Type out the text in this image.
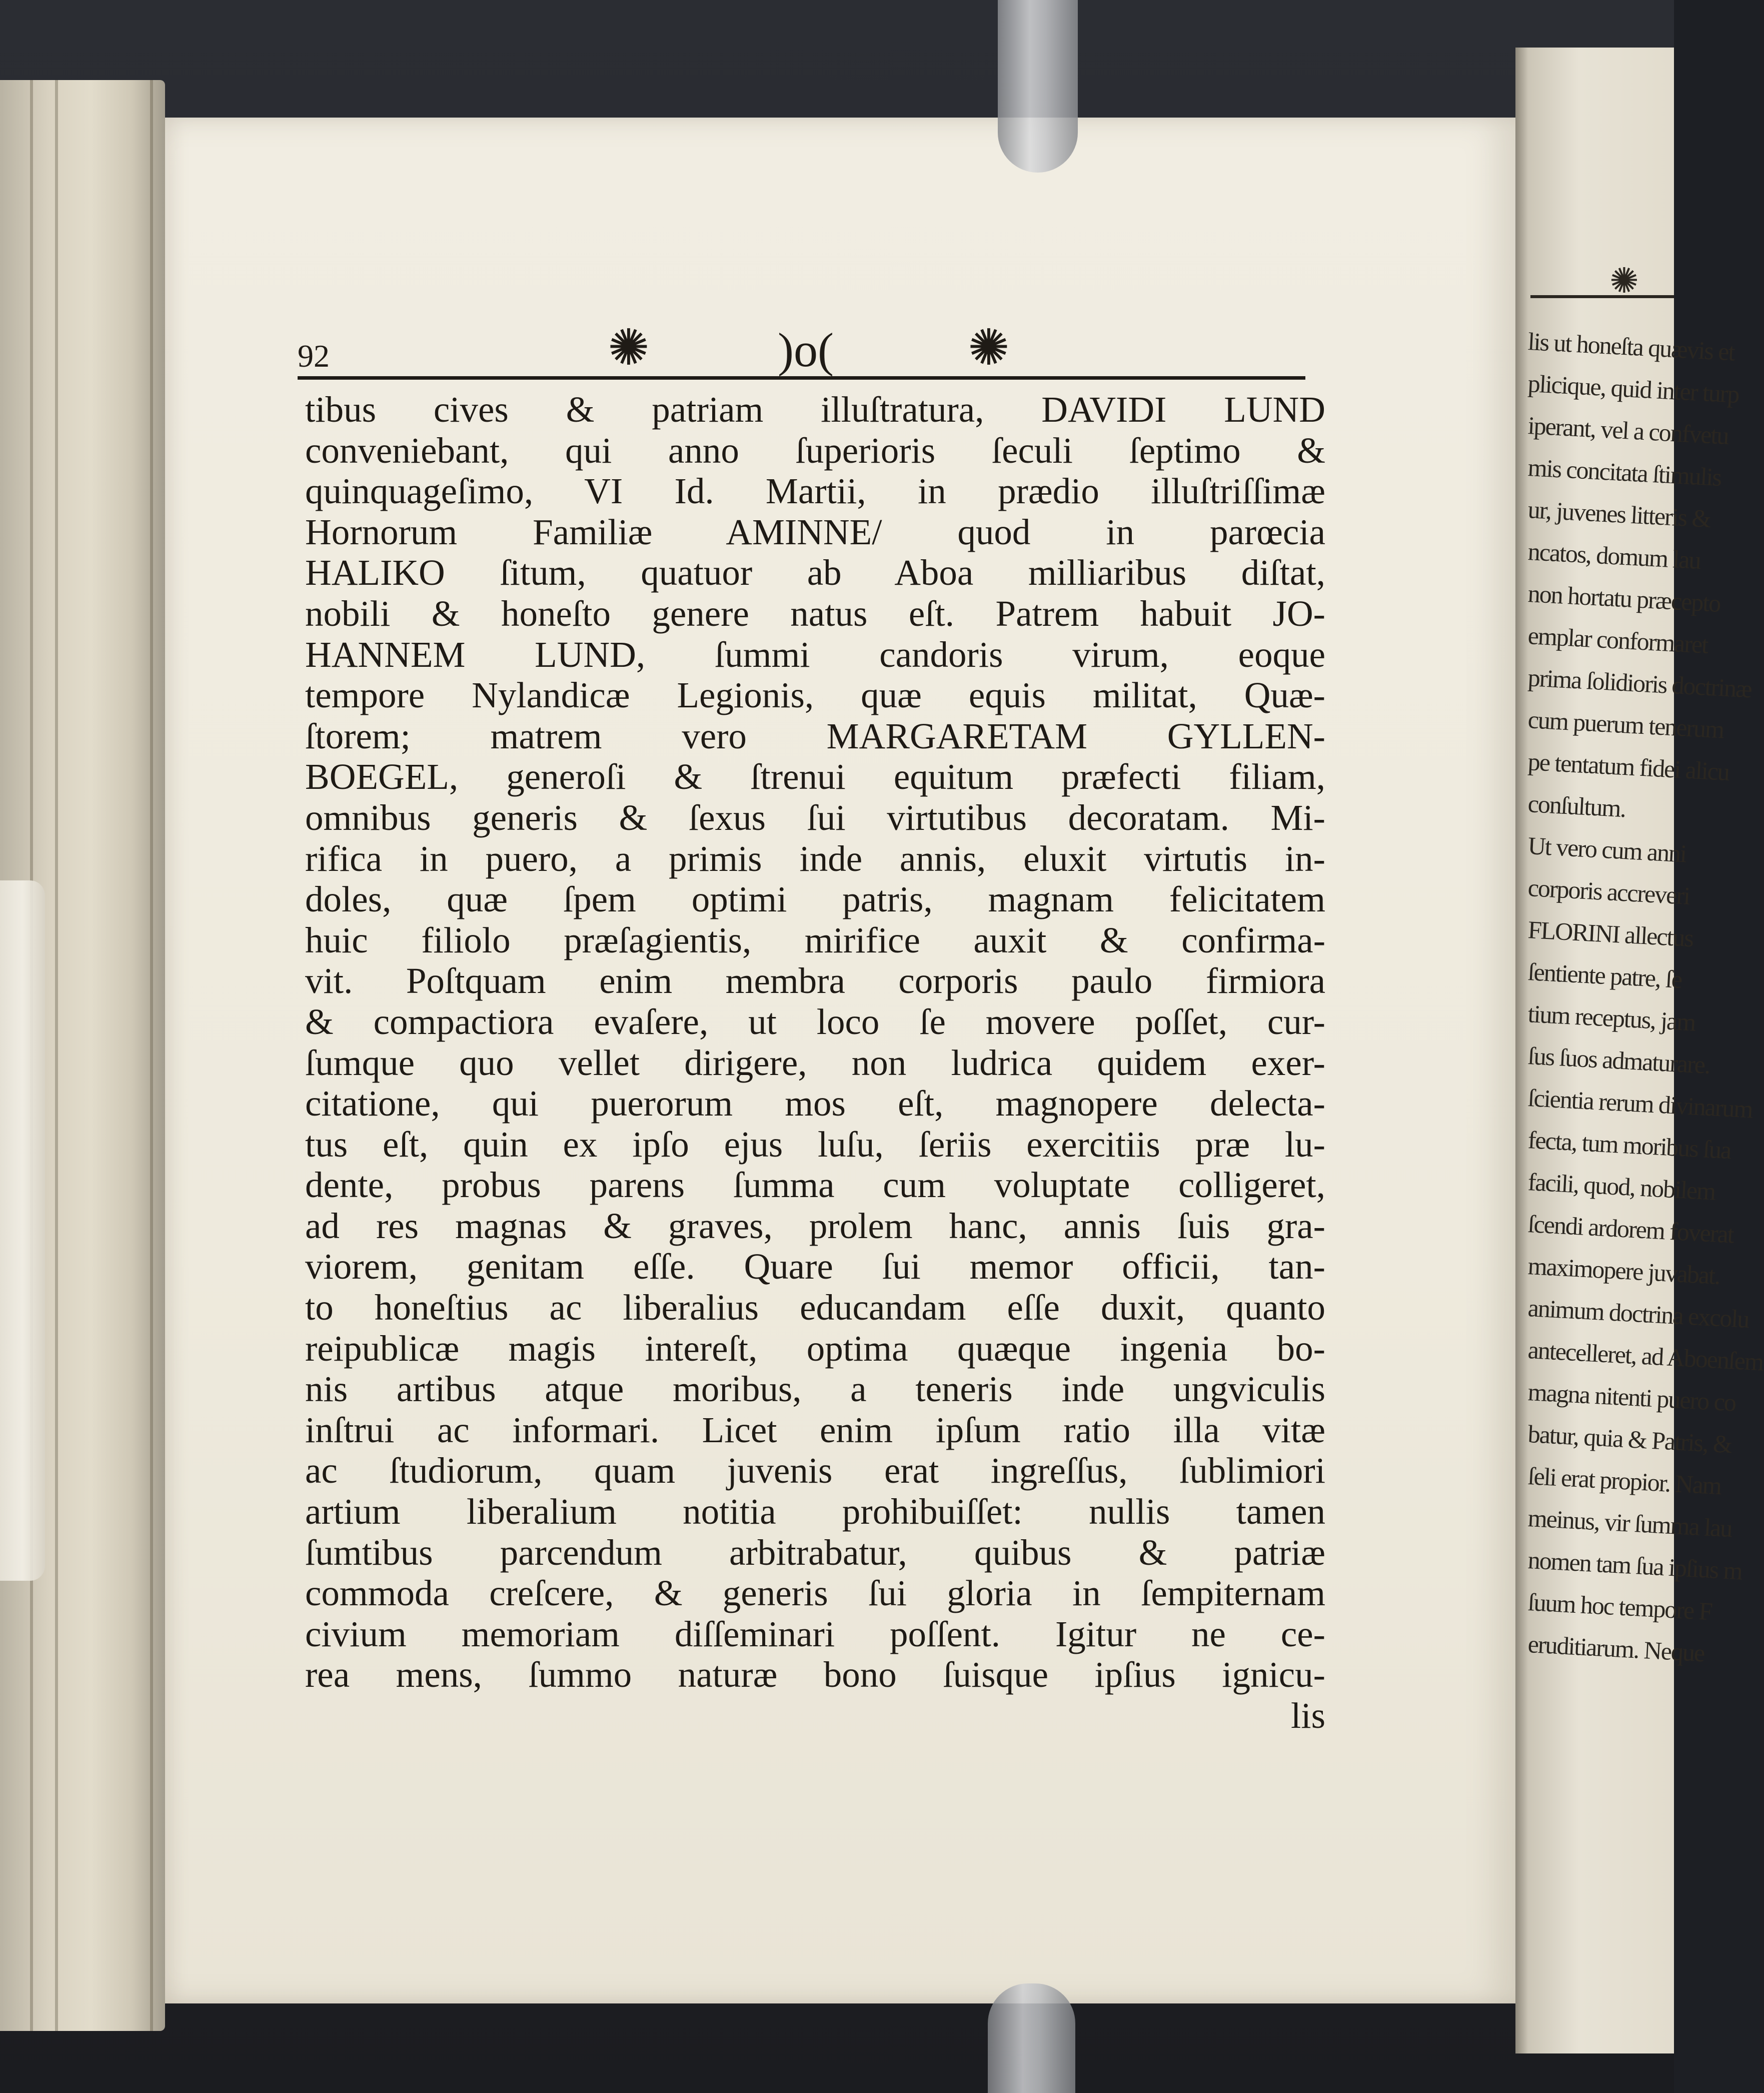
✺
lis ut honeſta quævis et
plicique, quid inter turp
iperant, vel a confvetu
mis concitata ſtimulis
ur, juvenes litteris &
ncatos, domum lau
non hortatu præcepto
emplar conformaret
prima ſolidioris doctrinæ
cum puerum tenerum
pe tentatum fidei alicu
conſultum.
Ut vero cum anni
corporis accreveri
FLORINI allectus
ſentiente patre, ſe
tium receptus, jam
ſus ſuos admaturare.
ſcientia rerum divinarum
fecta, tum moribus ſua
facili, quod, nobilem
ſcendi ardorem foverat
maximopere juvabat.
animum doctrina excolu
antecelleret, ad Aboenſem
magna nitenti puero co
batur, quia & Patris, &
ſeli erat propior. Nam
meinus, vir ſumma lau
nomen tam ſua ipſius m
ſuum hoc tempore F
eruditiarum. Neque
92	✺	)o(	✺
tibus cives & patriam illuſtratura, DAVIDI LUND
conveniebant, qui anno ſuperioris ſeculi ſeptimo &
quinquageſimo, VI Id. Martii, in prædio illuſtriſſimæ
Hornorum Familiæ AMINNE/ quod in parœcia
HALIKO ſitum, quatuor ab Aboa milliaribus diſtat,
nobili & honeſto genere natus eſt. Patrem habuit JO-
HANNEM LUND, ſummi candoris virum, eoque
tempore Nylandicæ Legionis, quæ equis militat, Quæ-
ſtorem; matrem vero MARGARETAM GYLLEN-
BOEGEL, generoſi & ſtrenui equitum præfecti filiam,
omnibus generis & ſexus ſui virtutibus decoratam. Mi-
rifica in puero, a primis inde annis, eluxit virtutis in-
doles, quæ ſpem optimi patris, magnam felicitatem
huic filiolo præſagientis, mirifice auxit & confirma-
vit. Poſtquam enim membra corporis paulo firmiora
& compactiora evaſere, ut loco ſe movere poſſet, cur-
ſumque quo vellet dirigere, non ludrica quidem exer-
citatione, qui puerorum mos eſt, magnopere delecta-
tus eſt, quin ex ipſo ejus luſu, ſeriis exercitiis præ lu-
dente, probus parens ſumma cum voluptate colligeret,
ad res magnas & graves, prolem hanc, annis ſuis gra-
viorem, genitam eſſe. Quare ſui memor officii, tan-
to honeſtius ac liberalius educandam eſſe duxit, quanto
reipublicæ magis intereſt, optima quæque ingenia bo-
nis artibus atque moribus, a teneris inde ungviculis
inſtrui ac informari. Licet enim ipſum ratio illa vitæ
ac ſtudiorum, quam juvenis erat ingreſſus, ſublimiori
artium liberalium notitia prohibuiſſet: nullis tamen
ſumtibus parcendum arbitrabatur, quibus & patriæ
commoda creſcere, & generis ſui gloria in ſempiternam
civium memoriam diſſeminari poſſent. Igitur ne ce-
rea mens, ſummo naturæ bono ſuisque ipſius ignicu-
lis
